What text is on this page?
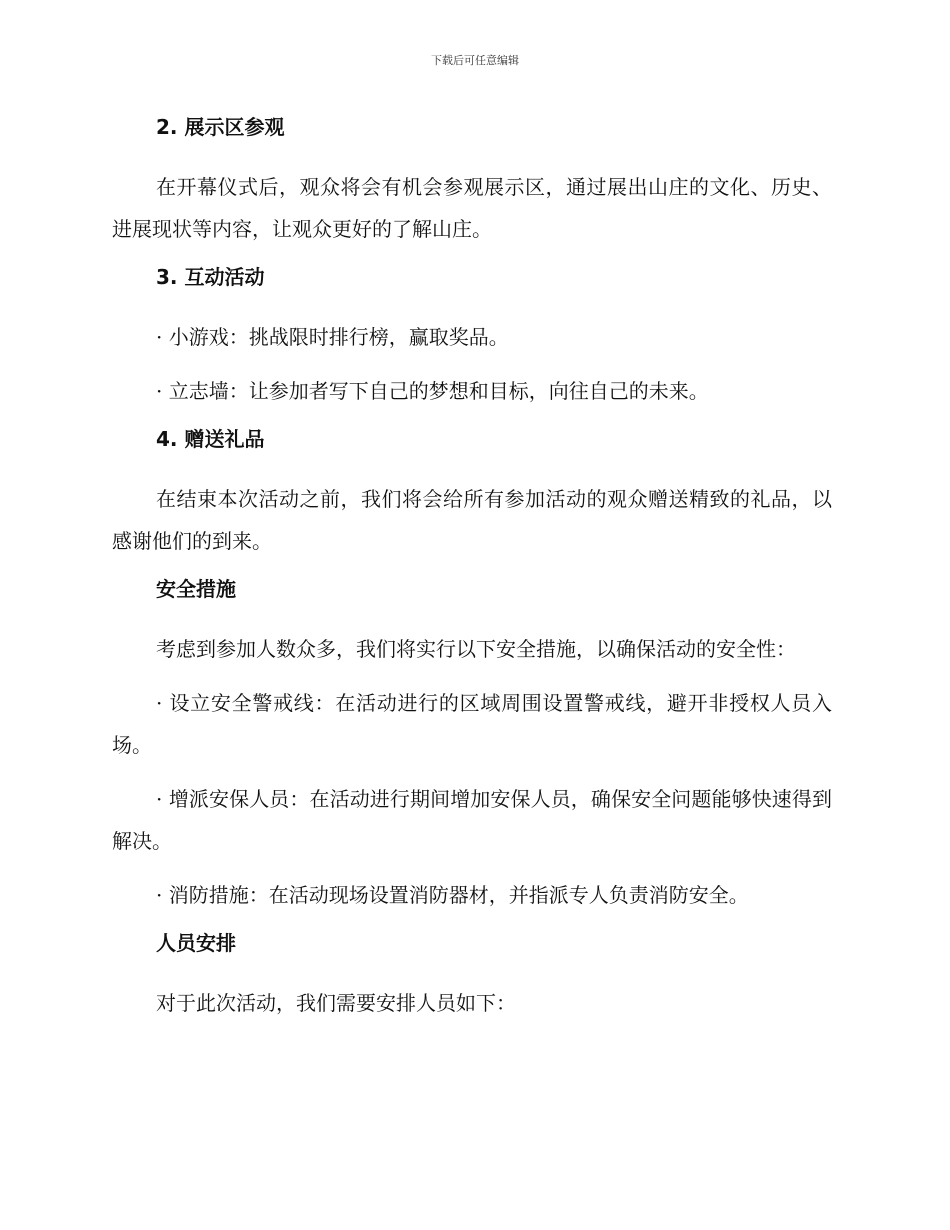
下载后可任意编辑
2. 展示区参观
在开幕仪式后，观众将会有机会参观展示区，通过展出山庄的文化、历史、进展现状等内容，让观众更好的了解山庄。
3. 互动活动
· 小游戏：挑战限时排行榜，赢取奖品。
· 立志墙：让参加者写下自己的梦想和目标，向往自己的未来。
4. 赠送礼品
在结束本次活动之前，我们将会给所有参加活动的观众赠送精致的礼品，以感谢他们的到来。
安全措施
考虑到参加人数众多，我们将实行以下安全措施，以确保活动的安全性：
· 设立安全警戒线：在活动进行的区域周围设置警戒线，避开非授权人员入场。
· 增派安保人员：在活动进行期间增加安保人员，确保安全问题能够快速得到解决。
· 消防措施：在活动现场设置消防器材，并指派专人负责消防安全。
人员安排
对于此次活动，我们需要安排人员如下：
